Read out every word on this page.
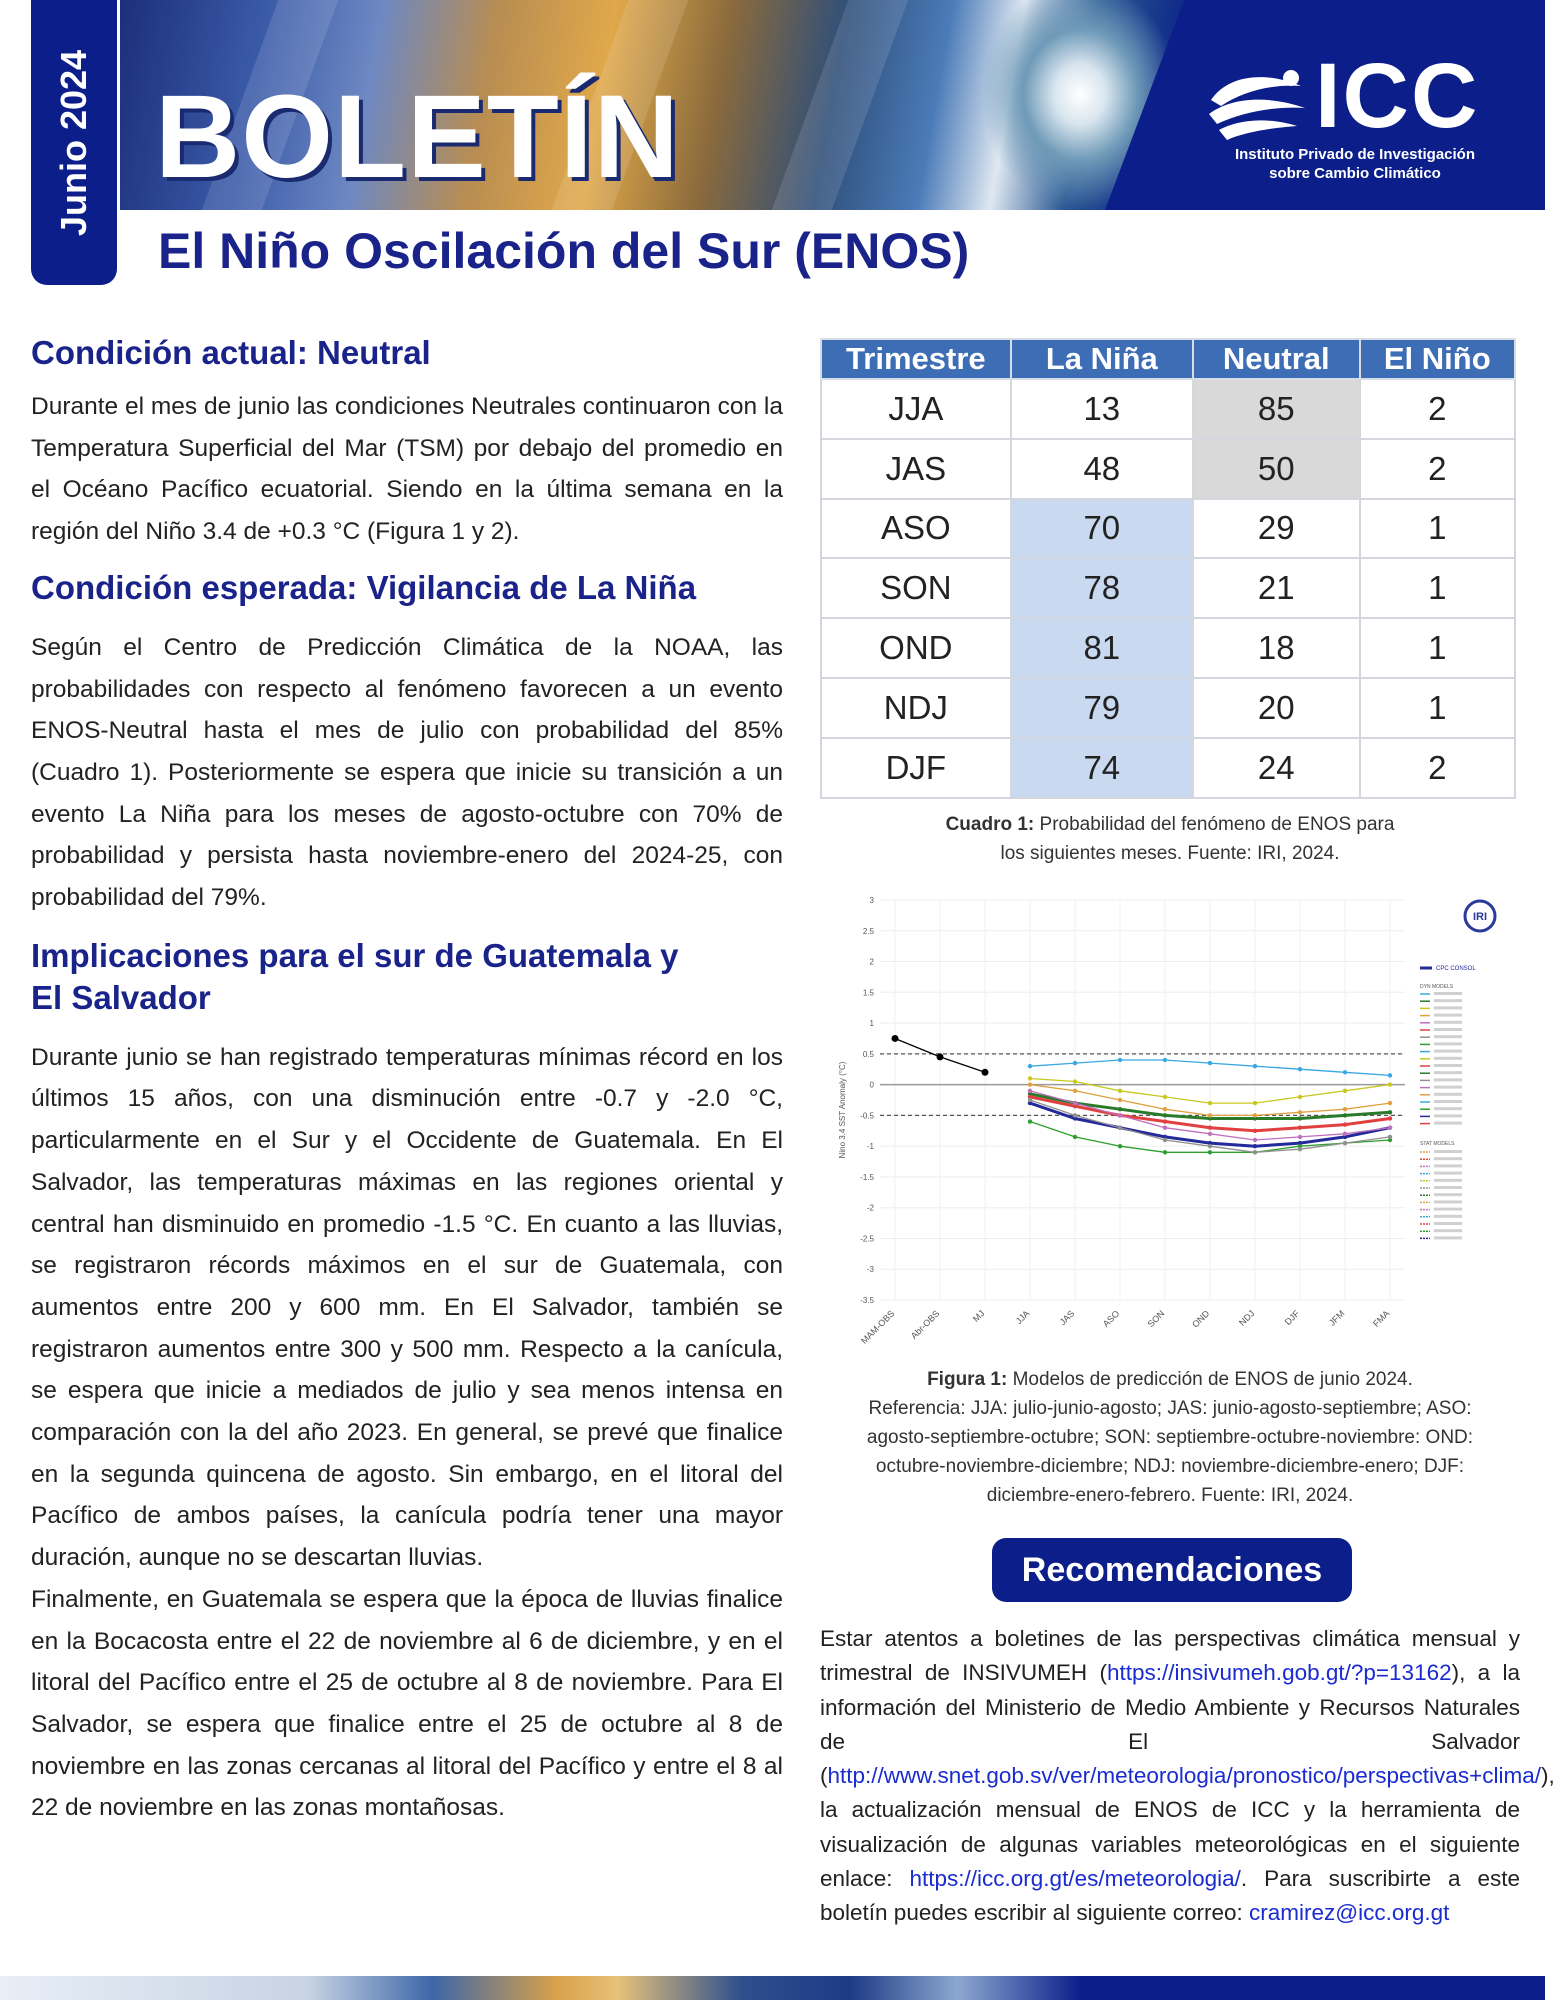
Junio 2024 BOLETÍN	ICC
Instituto Privado de Investigación
sobre Cambio Climático
El Niño Oscilación del Sur (ENOS)
Condición actual: Neutral

Durante el mes de junio las condiciones Neutrales continuaron con la Temperatura Superficial del Mar (TSM) por debajo del promedio en el Océano Pacífico ecuatorial. Siendo en la última semana en la región del Niño 3.4 de +0.3 °C (Figura 1 y 2).

Condición esperada: Vigilancia de La Niña

Según el Centro de Predicción Climática de la NOAA, las probabilidades con respecto al fenómeno favorecen a un evento ENOS-Neutral hasta el mes de julio con probabilidad del 85% (Cuadro 1). Posteriormente se espera que inicie su transición a un evento La Niña para los meses de agosto-octubre con 70% de probabilidad y persista hasta noviembre-enero del 2024-25, con probabilidad del 79%.

Implicaciones para el sur de Guatemala y
El Salvador

Durante junio se han registrado temperaturas mínimas récord en los últimos 15 años, con una disminución entre -0.7 y -2.0 °C, particularmente en el Sur y el Occidente de Guatemala. En El Salvador, las temperaturas máximas en las regiones oriental y central han disminuido en promedio -1.5 °C. En cuanto a las lluvias, se registraron récords máximos en el sur de Guatemala, con aumentos entre 200 y 600 mm. En El Salvador, también se registraron aumentos entre 300 y 500 mm. Respecto a la canícula, se espera que inicie a mediados de julio y sea menos intensa en comparación con la del año 2023. En general, se prevé que finalice en la segunda quincena de agosto. Sin embargo, en el litoral del Pacífico de ambos países, la canícula podría tener una mayor duración, aunque no se descartan lluvias.

Finalmente, en Guatemala se espera que la época de lluvias finalice en la Bocacosta entre el 22 de noviembre al 6 de diciembre, y en el litoral del Pacífico entre el 25 de octubre al 8 de noviembre. Para El Salvador, se espera que finalice entre el 25 de octubre al 8 de noviembre en las zonas cercanas al litoral del Pacífico y entre el 8 al 22 de noviembre en las zonas montañosas.

Trimestre	La Niña	Neutral	El Niño
JJA	13	85	2
JAS	48	50	2
ASO	70	29	1
SON	78	21	1
OND	81	18	1
NDJ	79	20	1
DJF	74	24	2
Cuadro 1: Probabilidad del fenómeno de ENOS para
los siguientes meses. Fuente: IRI, 2024.
3
2.5
2
1.5
1
0.5
0
-0.5
-1
-1.5
-2
-2.5
-3
-3.5
MAM-OBS Abr-OBS	MJ	JJA	JAS	ASO	SON	OND	NDJ	DJF	JFM	FMA
Nino 3.4 SST Anomaly (°C)
IRI
CPC CONSOL
DYN MODELS
STAT MODELS
Figura 1: Modelos de predicción de ENOS de junio 2024.
Referencia: JJA: julio-junio-agosto; JAS: junio-agosto-septiembre; ASO:
agosto-septiembre-octubre; SON: septiembre-octubre-noviembre: OND:
octubre-noviembre-diciembre; NDJ: noviembre-diciembre-enero; DJF:
diciembre-enero-febrero. Fuente: IRI, 2024.
Recomendaciones

Estar atentos a boletines de las perspectivas climática mensual y trimestral de INSIVUMEH (https://insivumeh.gob.gt/?p=13162), a la información del Ministerio de Medio Ambiente y Recursos Naturales de El Salvador (http://www.snet.gob.sv/ver/meteorologia/pronostico/perspectivas+clima/), la actualización mensual de ENOS de ICC y la herramienta de visualización de algunas variables meteorológicas en el siguiente enlace: https://icc.org.gt/es/meteorologia/. Para suscribirte a este boletín puedes escribir al siguiente correo: cramirez@icc.org.gt
